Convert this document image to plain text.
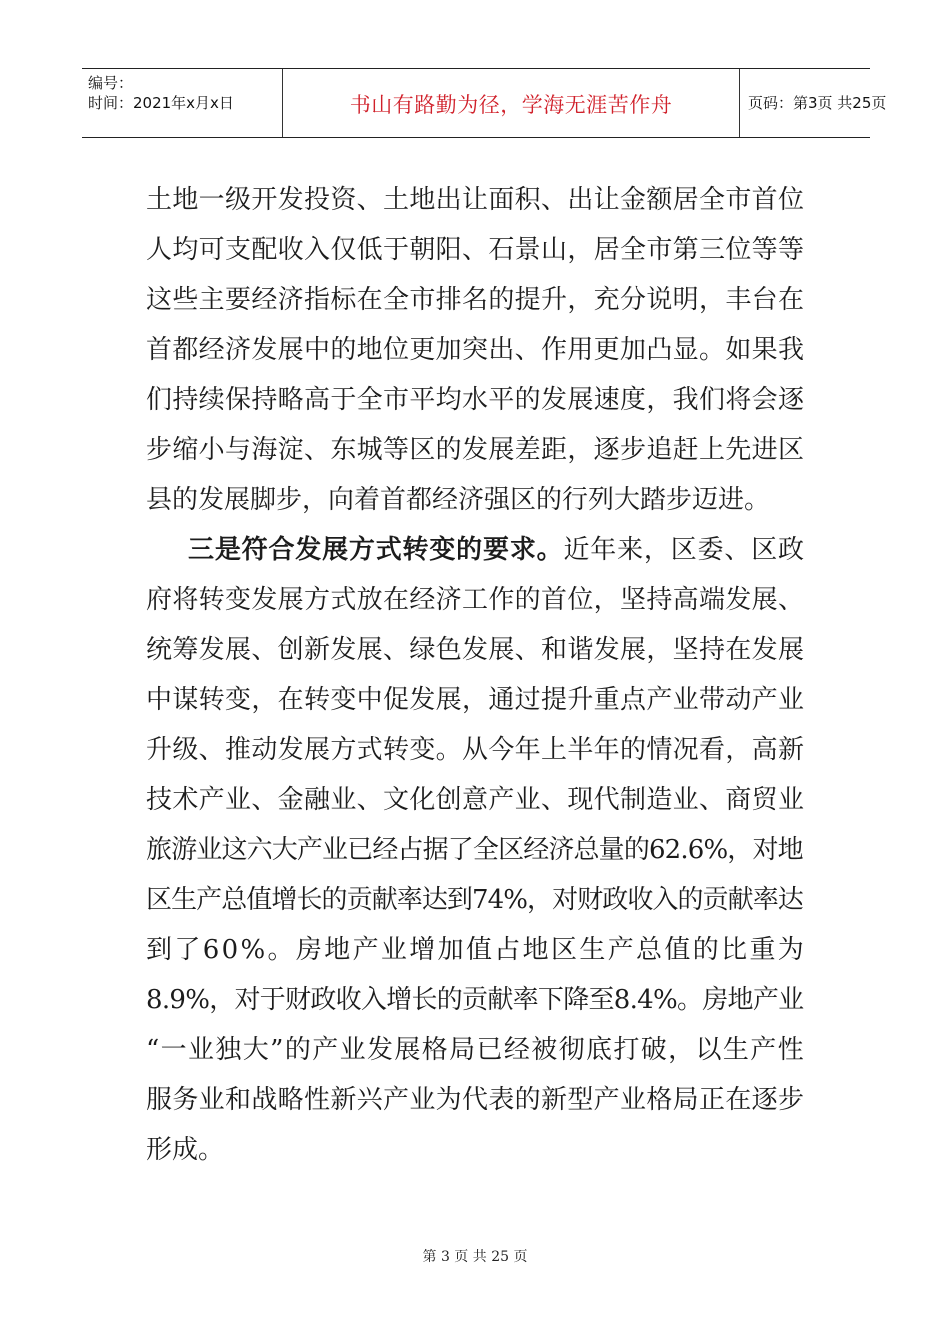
编号：
时间：2021年x月x日	书山有路勤为径，学海无涯苦作舟	页码：第3页 共25页
土地一级开发投资、土地出让面积、出让金额居全市首位
人均可支配收入仅低于朝阳、石景山，居全市第三位等等
这些主要经济指标在全市排名的提升，充分说明，丰台在
首都经济发展中的地位更加突出、作用更加凸显。如果我
们持续保持略高于全市平均水平的发展速度，我们将会逐
步缩小与海淀、东城等区的发展差距，逐步追赶上先进区
县的发展脚步，向着首都经济强区的行列大踏步迈进。
三是符合发展方式转变的要求。近年来，区委、区政
府将转变发展方式放在经济工作的首位，坚持高端发展、
统筹发展、创新发展、绿色发展、和谐发展，坚持在发展
中谋转变，在转变中促发展，通过提升重点产业带动产业
升级、推动发展方式转变。从今年上半年的情况看，高新
技术产业、金融业、文化创意产业、现代制造业、商贸业
旅游业这六大产业已经占据了全区经济总量的62.6%，对地
区生产总值增长的贡献率达到74%，对财政收入的贡献率达
到了60%。房地产业增加值占地区生产总值的比重为
8.9%，对于财政收入增长的贡献率下降至8.4%。房地产业
“一业独大”的产业发展格局已经被彻底打破，以生产性
服务业和战略性新兴产业为代表的新型产业格局正在逐步
形成。
第 3 页 共 25 页
